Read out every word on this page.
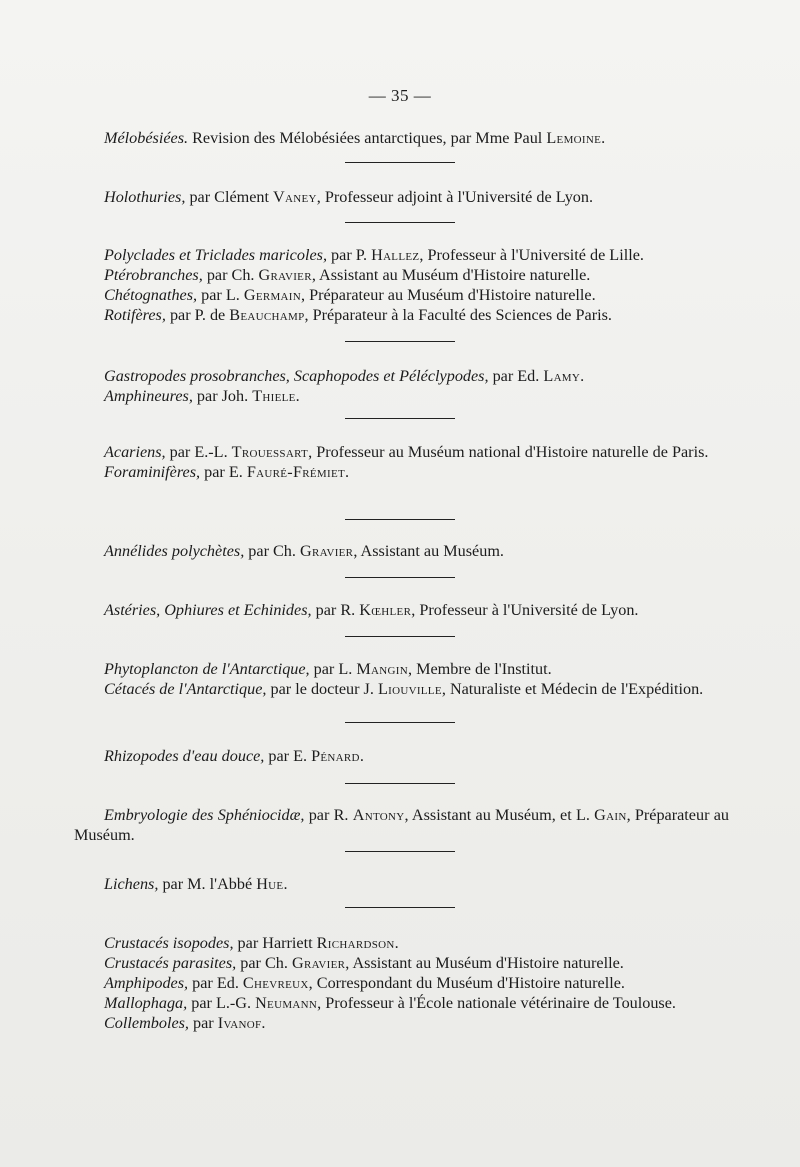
— 35 —

Mélobésiées. Revision des Mélobésiées antarctiques, par Mme Paul Lemoine.

Holothuries, par Clément Vaney, Professeur adjoint à l'Université de Lyon.

Polyclades et Triclades maricoles, par P. Hallez, Professeur à l'Université de Lille.

Ptérobranches, par Ch. Gravier, Assistant au Muséum d'Histoire naturelle.

Chétognathes, par L. Germain, Préparateur au Muséum d'Histoire naturelle.

Rotifères, par P. de Beauchamp, Préparateur à la Faculté des Sciences de Paris.

Gastropodes prosobranches, Scaphopodes et Péléclypodes, par Ed. Lamy.

Amphineures, par Joh. Thiele.

Acariens, par E.-L. Trouessart, Professeur au Muséum national d'Histoire naturelle de Paris.

Foraminifères, par E. Fauré-Frémiet.

Annélides polychètes, par Ch. Gravier, Assistant au Muséum.

Astéries, Ophiures et Echinides, par R. Kœhler, Professeur à l'Université de Lyon.

Phytoplancton de l'Antarctique, par L. Mangin, Membre de l'Institut.

Cétacés de l'Antarctique, par le docteur J. Liouville, Naturaliste et Médecin de l'Expédition.

Rhizopodes d'eau douce, par E. Pénard.

Embryologie des Sphéniocidæ, par R. Antony, Assistant au Muséum, et L. Gain, Préparateur au Muséum.

Lichens, par M. l'Abbé Hue.

Crustacés isopodes, par Harriett Richardson.

Crustacés parasites, par Ch. Gravier, Assistant au Muséum d'Histoire naturelle.

Amphipodes, par Ed. Chevreux, Correspondant du Muséum d'Histoire naturelle.

Mallophaga, par L.-G. Neumann, Professeur à l'École nationale vétérinaire de Toulouse.

Collemboles, par Ivanof.
